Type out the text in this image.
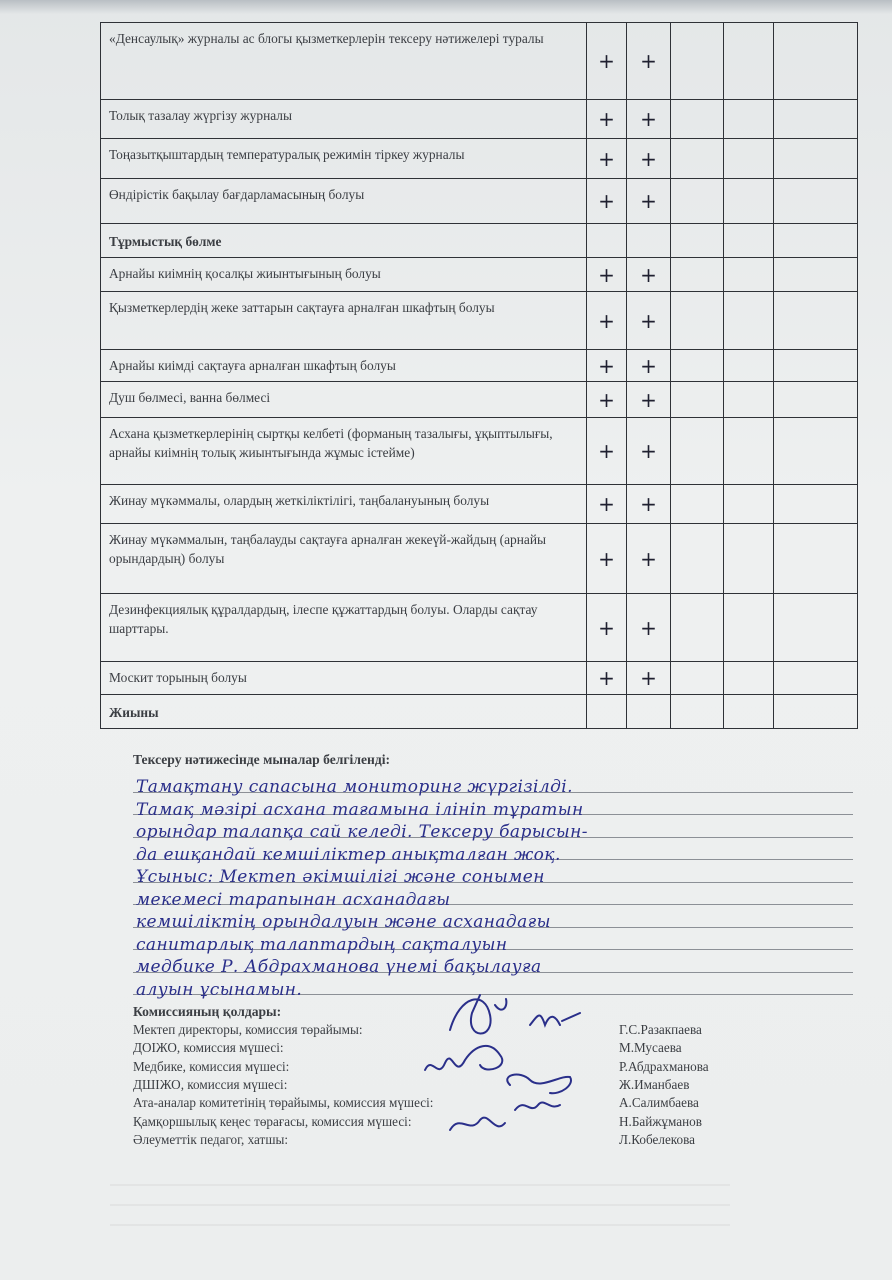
«Денсаулық» журналы ас блогы қызметкерлерін тексеру нәтижелері туралы	+	+			
Толық тазалау жүргізу журналы	+	+			
Тоңазытқыштардың температуралық режимін тіркеу журналы	+	+			
Өндірістік бақылау бағдарламасының болуы	+	+			
Тұрмыстық бөлме					
Арнайы киімнің қосалқы жиынтығының болуы	+	+			
Қызметкерлердің жеке заттарын сақтауға арналған шкафтың болуы	+	+			
Арнайы киімді сақтауға арналған шкафтың болуы	+	+			
Душ бөлмесі, ванна бөлмесі	+	+			
Асхана қызметкерлерінің сыртқы келбеті (форманың тазалығы, ұқыптылығы, арнайы киімнің толық жиынтығында жұмыс істейме)	+	+			
Жинау мүкәммалы, олардың жеткіліктілігі, таңбалануының болуы	+	+			
Жинау мүкәммалын, таңбалауды сақтауға арналған жекеүй-жайдың (арнайы орындардың) болуы	+	+			
Дезинфекциялық құралдардың, ілеспе құжаттардың болуы. Оларды сақтау шарттары.	+	+			
Москит торының болуы	+	+			
Жиыны					
Тексеру нәтижесінде мыналар белгіленді:
Тамақтану сапасына мониторинг жүргізілді.
Тамақ мәзірі асхана тағамына ілініп тұратын
орындар талапқа сай келеді. Тексеру барысын-
да ешқандай кемшіліктер анықталған жоқ.
Ұсыныс: Мектеп әкімшілігі және сонымен
мекемесі тарапынан асханадағы
кемшіліктің орындалуын және асханадағы
санитарлық талаптардың сақталуын
медбике Р. Абдрахманова үнемі бақылауға
алуын ұсынамын.
Комиссияның қолдары:
Мектеп директоры, комиссия төрайымы:	Г.С.Разакпаева
ДОІЖО, комиссия мүшесі:	М.Мусаева
Медбике, комиссия мүшесі:	Р.Абдрахманова
ДШІЖО, комиссия мүшесі:	Ж.Иманбаев
Ата-аналар комитетінің төрайымы, комиссия мүшесі:	А.Салимбаева
Қамқоршылық кеңес төрағасы, комиссия мүшесі:	Н.Байжұманов
Әлеуметтік педагог, хатшы:	Л.Кобелекова
